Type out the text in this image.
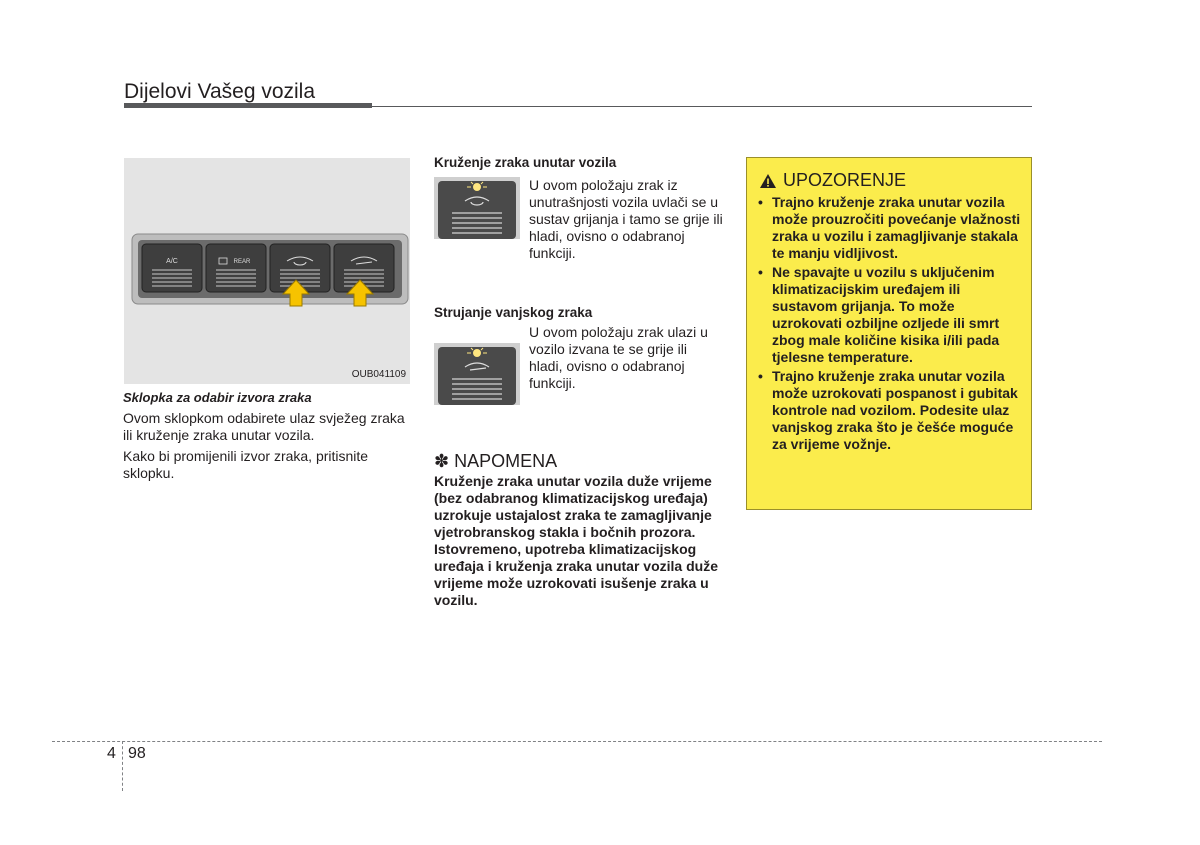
Dijelovi Vašeg vozila
A/C	REAR
OUB041109

Sklopka za odabir izvora zraka

Ovom sklopkom odabirete ulaz svježeg zraka ili kruženje zraka unutar vozila.

Kako bi promijenili izvor zraka, pritisnite sklopku.

Kruženje zraka unutar vozila
U ovom položaju zrak iz unutrašnjosti vozila uvlači se u sustav grijanja i tamo se grije ili hladi, ovisno o odabranoj funkciji.
Strujanje vanjskog zraka
U ovom položaju zrak ulazi u vozilo izvana te se grije ili hladi, ovisno o odabranoj funkciji.
✽ NAPOMENA
Kruženje zraka unutar vozila duže vrijeme (bez odabranog klimatizacijskog uređaja) uzrokuje ustajalost zraka te zamagljivanje vjetrobranskog stakla i bočnih prozora.
Istovremeno, upotreba klimatizacijskog uređaja i kruženja zraka unutar vozila duže vrijeme može uzrokovati isušenje zraka u vozilu.
UPOZORENJE
• Trajno kruženje zraka unutar vozila može prouzročiti povećanje vlažnosti zraka u vozilu i zamagljivanje stakala te manju vidljivost.
• Ne spavajte u vozilu s uključenim klimatizacijskim uređajem ili sustavom grijanja. To može uzrokovati ozbiljne ozljede ili smrt zbog male količine kisika i/ili pada tjelesne temperature.
• Trajno kruženje zraka unutar vozila može uzrokovati pospanost i gubitak kontrole nad vozilom. Podesite ulaz vanjskog zraka što je češće moguće za vrijeme vožnje.
4 98
